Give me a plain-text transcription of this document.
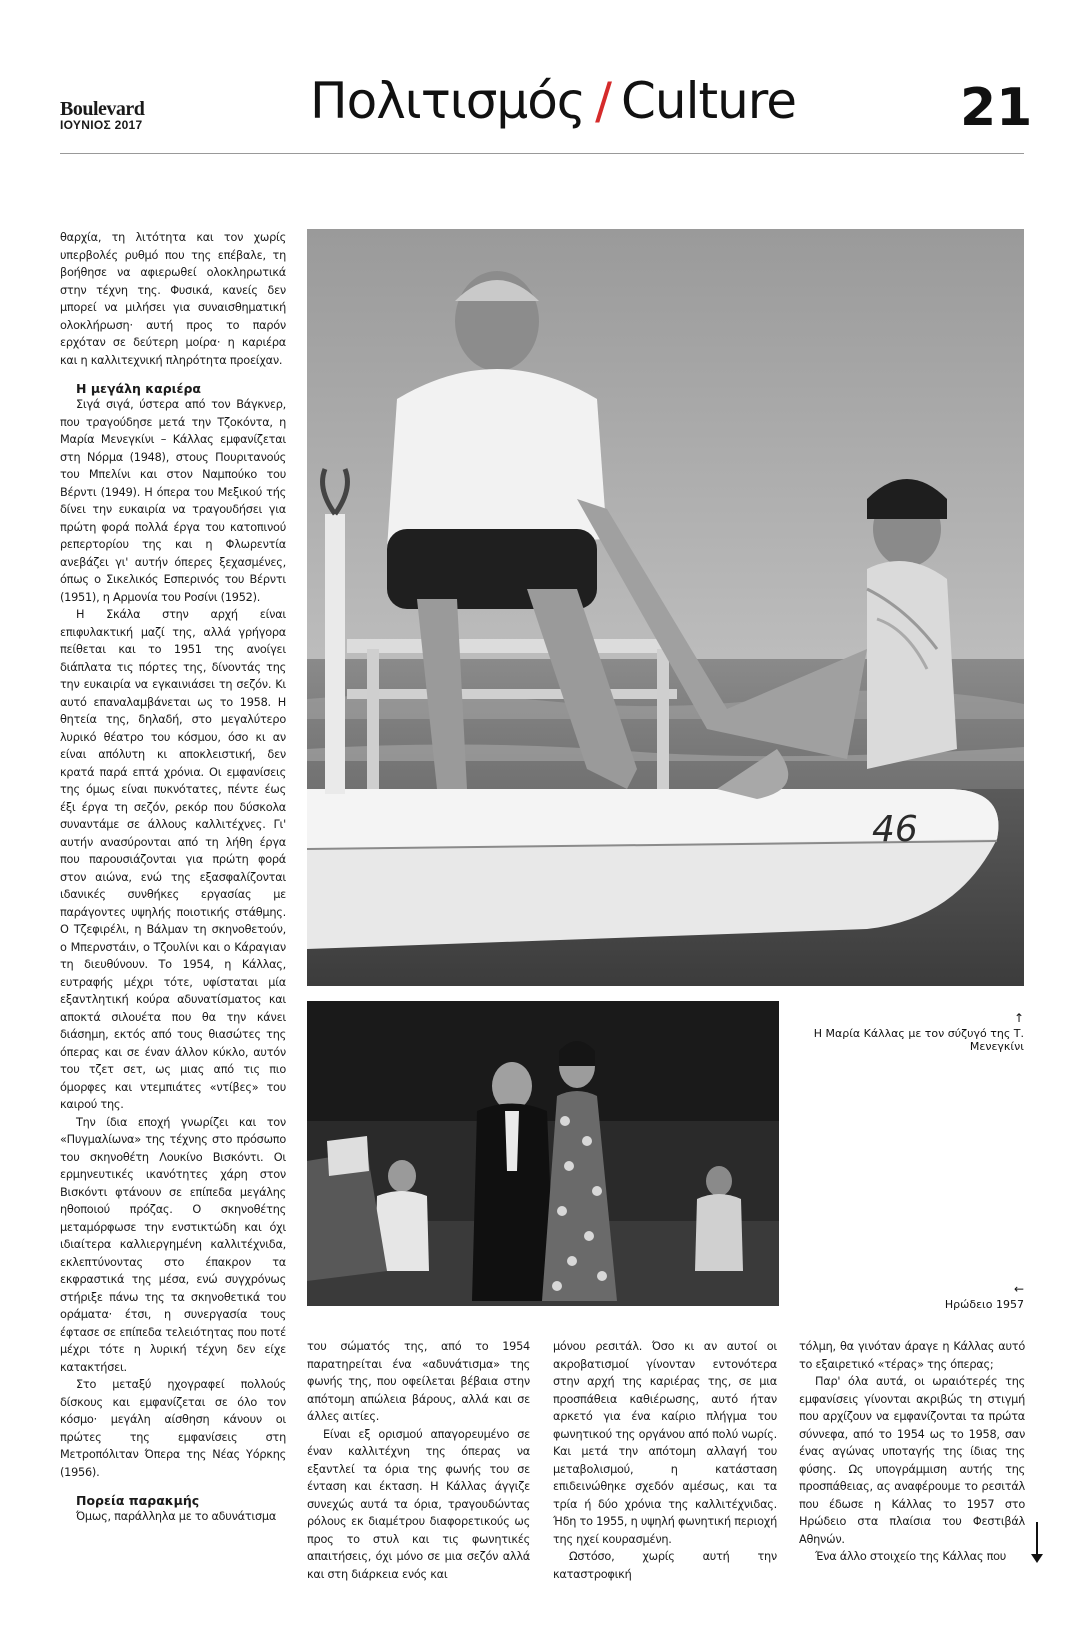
Boulevard
ΙΟΥΝΙΟΣ 2017	Πολιτισμός / Culture	21

θαρχία, τη λιτότητα και τον χωρίς υπερβολές ρυθμό που της επέβαλε, τη βοήθησε να αφιερωθεί ολοκληρωτικά στην τέχνη της. Φυσικά, κανείς δεν μπορεί να μιλήσει για συναισθηματική ολοκλήρωση· αυτή προς το παρόν ερχόταν σε δεύτερη μοίρα· η καριέρα και η καλλιτεχνική πληρότητα προείχαν.

Η μεγάλη καριέρα

Σιγά σιγά, ύστερα από τον Βάγκνερ, που τραγούδησε μετά την Τζοκόντα, η Μαρία Μενεγκίνι – Κάλλας εμφανίζεται στη Νόρμα (1948), στους Πουριτανούς του Μπελίνι και στον Ναμπούκο του Βέρντι (1949). Η όπερα του Μεξικού τής δίνει την ευκαιρία να τραγουδήσει για πρώτη φορά πολλά έργα του κατοπινού ρεπερτορίου της και η Φλωρεντία ανεβάζει γι' αυτήν όπερες ξεχασμένες, όπως ο Σικελικός Εσπερινός του Βέρντι (1951), η Αρμονία του Ροσίνι (1952).

Η Σκάλα στην αρχή είναι επιφυλακτική μαζί της, αλλά γρήγορα πείθεται και το 1951 της ανοίγει διάπλατα τις πόρτες της, δίνοντάς της την ευκαιρία να εγκαινιάσει τη σεζόν. Κι αυτό επαναλαμβάνεται ως το 1958. Η θητεία της, δηλαδή, στο μεγαλύτερο λυρικό θέατρο του κόσμου, όσο κι αν είναι απόλυτη κι αποκλειστική, δεν κρατά παρά επτά χρόνια. Οι εμφανίσεις της όμως είναι πυκνότατες, πέντε έως έξι έργα τη σεζόν, ρεκόρ που δύσκολα συναντάμε σε άλλους καλλιτέχνες. Γι' αυτήν ανασύρονται από τη λήθη έργα που παρουσιάζονται για πρώτη φορά στον αιώνα, ενώ της εξασφαλίζονται ιδανικές συνθήκες εργασίας με παράγοντες υψηλής ποιοτικής στάθμης. Ο Τζεφιρέλι, η Βάλμαν τη σκηνοθετούν, ο Μπερνστάιν, ο Τζουλίνι και ο Κάραγιαν τη διευθύνουν. Το 1954, η Κάλλας, ευτραφής μέχρι τότε, υφίσταται μία εξαντλητική κούρα αδυνατίσματος και αποκτά σιλουέτα που θα την κάνει διάσημη, εκτός από τους θιασώτες της όπερας και σε έναν άλλον κύκλο, αυτόν του τζετ σετ, ως μιας από τις πιο όμορφες και ντεμπιάτες «ντίβες» του καιρού της.

Την ίδια εποχή γνωρίζει και τον «Πυγμαλίωνα» της τέχνης στο πρόσωπο του σκηνοθέτη Λουκίνο Βισκόντι. Οι ερμηνευτικές ικανότητες χάρη στον Βισκόντι φτάνουν σε επίπεδα μεγάλης ηθοποιού πρόζας. Ο σκηνοθέτης μεταμόρφωσε την ενστικτώδη και όχι ιδιαίτερα καλλιεργημένη καλλιτέχνιδα, εκλεπτύνοντας στο έπακρον τα εκφραστικά της μέσα, ενώ συγχρόνως στήριξε πάνω της τα σκηνοθετικά του οράματα· έτσι, η συνεργασία τους έφτασε σε επίπεδα τελειότητας που ποτέ μέχρι τότε η λυρική τέχνη δεν είχε κατακτήσει.

Στο μεταξύ ηχογραφεί πολλούς δίσκους και εμφανίζεται σε όλο τον κόσμο· μεγάλη αίσθηση κάνουν οι πρώτες της εμφανίσεις στη Μετροπόλιταν Όπερα της Νέας Υόρκης (1956).

Πορεία παρακμής

Όμως, παράλληλα με το αδυνάτισμα

46
↑
Η Μαρία Κάλλας με τον σύζυγό της Τ. Μενεγκίνι
←
Ηρώδειο 1957

του σώματός της, από το 1954 παρατηρείται ένα «αδυνάτισμα» της φωνής της, που οφείλεται βέβαια στην απότομη απώλεια βάρους, αλλά και σε άλλες αιτίες.

Είναι εξ ορισμού απαγορευμένο σε έναν καλλιτέχνη της όπερας να εξαντλεί τα όρια της φωνής του σε ένταση και έκταση. Η Κάλλας άγγιζε συνεχώς αυτά τα όρια, τραγουδώντας ρόλους εκ διαμέτρου διαφορετικούς ως προς το στυλ και τις φωνητικές απαιτήσεις, όχι μόνο σε μια σεζόν αλλά και στη διάρκεια ενός και

μόνου ρεσιτάλ. Όσο κι αν αυτοί οι ακροβατισμοί γίνονταν εντονότερα στην αρχή της καριέρας της, σε μια προσπάθεια καθιέρωσης, αυτό ήταν αρκετό για ένα καίριο πλήγμα του φωνητικού της οργάνου από πολύ νωρίς. Και μετά την απότομη αλλαγή του μεταβολισμού, η κατάσταση επιδεινώθηκε σχεδόν αμέσως, και τα τρία ή δύο χρόνια της καλλιτέχνιδας. Ήδη το 1955, η υψηλή φωνητική περιοχή της ηχεί κουρασμένη.

Ωστόσο, χωρίς αυτή την καταστροφική

τόλμη, θα γινόταν άραγε η Κάλλας αυτό το εξαιρετικό «τέρας» της όπερας;

Παρ' όλα αυτά, οι ωραιότερές της εμφανίσεις γίνονται ακριβώς τη στιγμή που αρχίζουν να εμφανίζονται τα πρώτα σύννεφα, από το 1954 ως το 1958, σαν ένας αγώνας υποταγής της ίδιας της φύσης. Ως υπογράμμιση αυτής της προσπάθειας, ας αναφέρουμε το ρεσιτάλ που έδωσε η Κάλλας το 1957 στο Ηρώδειο στα πλαίσια του Φεστιβάλ Αθηνών.

Ένα άλλο στοιχείο της Κάλλας που
